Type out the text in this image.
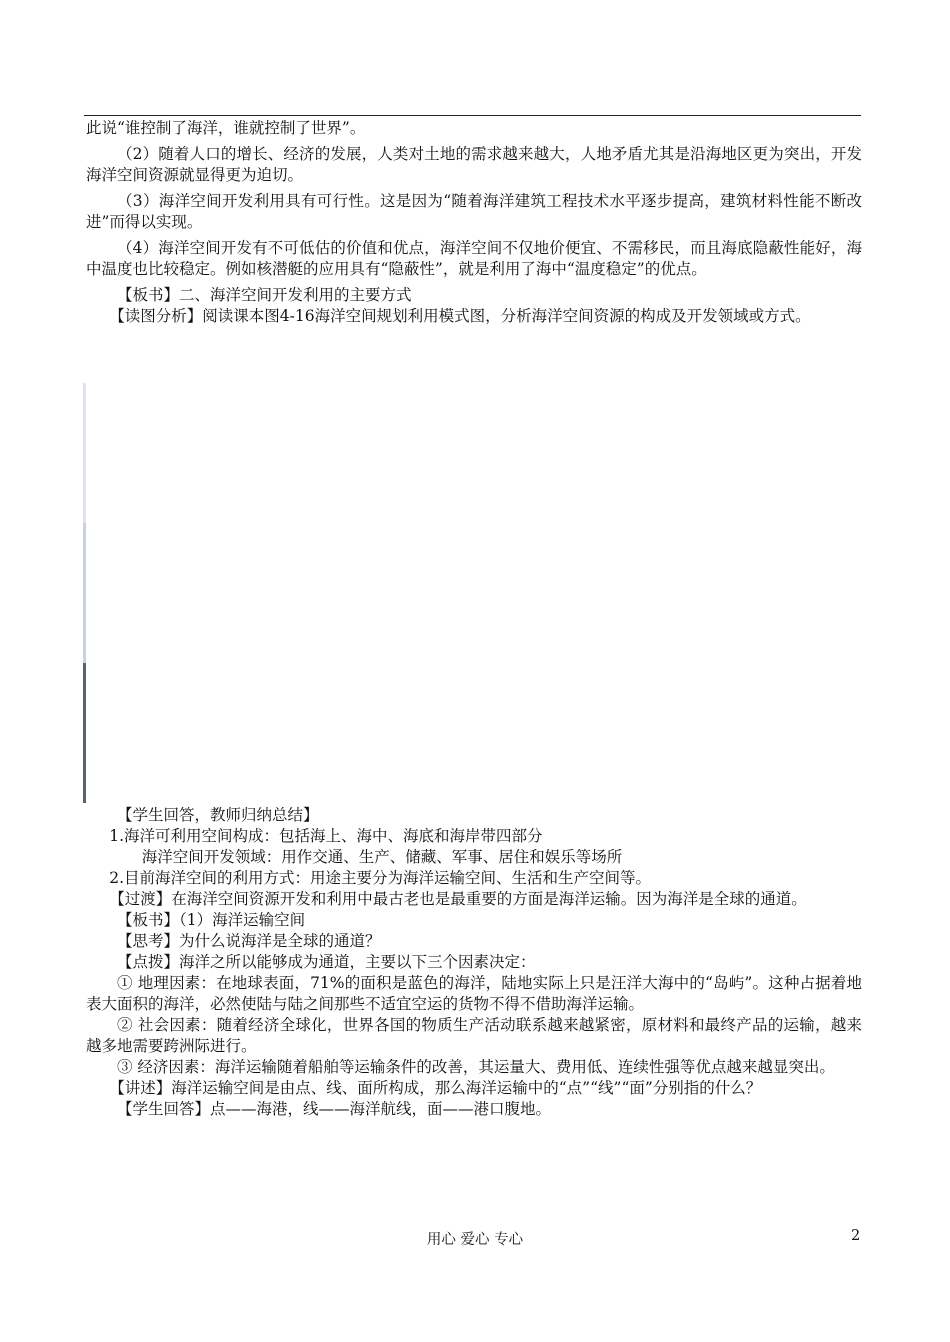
此说“谁控制了海洋，谁就控制了世界”。

（2）随着人口的增长、经济的发展，人类对土地的需求越来越大，人地矛盾尤其是沿海地区更为突出，开发海洋空间资源就显得更为迫切。

（3）海洋空间开发利用具有可行性。这是因为“随着海洋建筑工程技术水平逐步提高，建筑材料性能不断改进”而得以实现。

（4）海洋空间开发有不可低估的价值和优点，海洋空间不仅地价便宜、不需移民，而且海底隐蔽性能好，海中温度也比较稳定。例如核潜艇的应用具有“隐蔽性”，就是利用了海中“温度稳定”的优点。

【板书】二、海洋空间开发利用的主要方式

【读图分析】阅读课本图4-16海洋空间规划利用模式图，分析海洋空间资源的构成及开发领域或方式。

【学生回答，教师归纳总结】

1.海洋可利用空间构成：包括海上、海中、海底和海岸带四部分

海洋空间开发领域：用作交通、生产、储藏、军事、居住和娱乐等场所

2.目前海洋空间的利用方式：用途主要分为海洋运输空间、生活和生产空间等。

【过渡】在海洋空间资源开发和利用中最古老也是最重要的方面是海洋运输。因为海洋是全球的通道。

【板书】（1）海洋运输空间

【思考】为什么说海洋是全球的通道？

【点拨】海洋之所以能够成为通道，主要以下三个因素决定：

① 地理因素：在地球表面，71%的面积是蓝色的海洋，陆地实际上只是汪洋大海中的“岛屿”。这种占据着地表大面积的海洋，必然使陆与陆之间那些不适宜空运的货物不得不借助海洋运输。

② 社会因素：随着经济全球化，世界各国的物质生产活动联系越来越紧密，原材料和最终产品的运输，越来越多地需要跨洲际进行。

③ 经济因素：海洋运输随着船舶等运输条件的改善，其运量大、费用低、连续性强等优点越来越显突出。

【讲述】海洋运输空间是由点、线、面所构成，那么海洋运输中的“点”“线”“面”分别指的什么？

【学生回答】点——海港，线——海洋航线，面——港口腹地。

用心 爱心 专心	2
